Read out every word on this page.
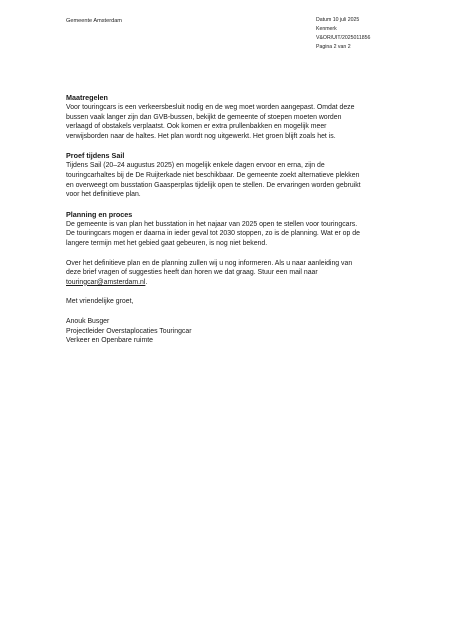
Gemeente Amsterdam	Datum 10 juli 2025
Kenmerk
V&OR/UIT/2025011856
Pagina 2 van 2
Maatregelen

Voor touringcars is een verkeersbesluit nodig en de weg moet worden aangepast. Omdat deze

bussen vaak langer zijn dan GVB-bussen, bekijkt de gemeente of stoepen moeten worden

verlaagd of obstakels verplaatst. Ook komen er extra prullenbakken en mogelijk meer

verwijsborden naar de haltes. Het plan wordt nog uitgewerkt. Het groen blijft zoals het is.

Proef tijdens Sail

Tijdens Sail (20–24 augustus 2025) en mogelijk enkele dagen ervoor en erna, zijn de

touringcarhaltes bij de De Ruijterkade niet beschikbaar. De gemeente zoekt alternatieve plekken

en overweegt om busstation Gaasperplas tijdelijk open te stellen. De ervaringen worden gebruikt

voor het definitieve plan.

Planning en proces

De gemeente is van plan het busstation in het najaar van 2025 open te stellen voor touringcars.

De touringcars mogen er daarna in ieder geval tot 2030 stoppen, zo is de planning. Wat er op de

langere termijn met het gebied gaat gebeuren, is nog niet bekend.

Over het definitieve plan en de planning zullen wij u nog informeren. Als u naar aanleiding van

deze brief vragen of suggesties heeft dan horen we dat graag. Stuur een mail naar

touringcar@amsterdam.nl.

Met vriendelijke groet,

Anouk Busger

Projectleider Overstaplocaties Touringcar

Verkeer en Openbare ruimte
